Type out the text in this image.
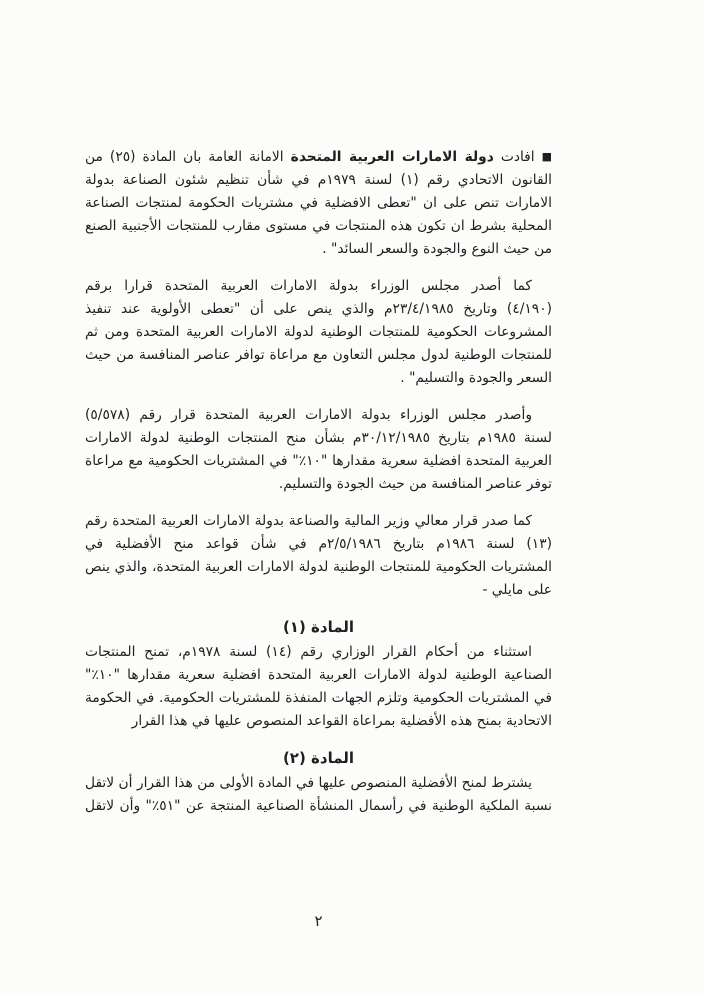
■افادت دولة الامارات العربية المتحدة الامانة العامة بان المادة (٢٥) من
القانون الاتحادي رقم (١) لسنة ١٩٧٩م في شأن تنظيم شئون الصناعة بدولة
الامارات تنص على ان "تعطى الافضلية في مشتريات الحكومة لمنتجات الصناعة
المحلية بشرط ان تكون هذه المنتجات في مستوى مقارب للمنتجات الأجنبية الصنع
من حيث النوع والجودة والسعر السائد" .
كما أصدر مجلس الوزراء بدولة الامارات العربية المتحدة قرارا برقم
(٤/١٩٠) وتاريخ ٢٣/٤/١٩٨٥م والذي ينص على أن "تعطى الأولوية عند تنفيذ
المشروعات الحكومية للمنتجات الوطنية لدولة الامارات العربية المتحدة ومن ثم
للمنتجات الوطنية لدول مجلس التعاون مع مراعاة توافر عناصر المنافسة من حيث
السعر والجودة والتسليم" .
وأصدر مجلس الوزراء بدولة الامارات العربية المتحدة قرار رقم (٥/٥٧٨)
لسنة ١٩٨٥م بتاريخ ٣٠/١٢/١٩٨٥م بشأن منح المنتجات الوطنية لدولة الامارات
العربية المتحدة افضلية سعرية مقدارها "١٠٪" في المشتريات الحكومية مع مراعاة
توفر عناصر المنافسة من حيث الجودة والتسليم.
كما صدر قرار معالي وزير المالية والصناعة بدولة الامارات العربية المتحدة رقم
(١٣) لسنة ١٩٨٦م بتاريخ ٢/٥/١٩٨٦م في شأن قواعد منح الأفضلية في
المشتريات الحكومية للمنتجات الوطنية لدولة الامارات العربية المتحدة، والذي ينص
على مايلي -
المادة (١)
استثناء من أحكام القرار الوزاري رقم (١٤) لسنة ١٩٧٨م، تمنح المنتجات
الصناعية الوطنية لدولة الامارات العربية المتحدة افضلية سعرية مقدارها "١٠٪"
في المشتريات الحكومية وتلزم الجهات المنفذة للمشتريات الحكومية. في الحكومة
الاتحادية بمنح هذه الأفضلية بمراعاة القواعد المنصوص عليها في هذا القرار
المادة (٢)
يشترط لمنح الأفضلية المنصوص عليها في المادة الأولى من هذا القرار أن لاتقل
نسبة الملكية الوطنية في رأسمال المنشأة الصناعية المنتجة عن "٥١٪" وأن لاتقل
٢
